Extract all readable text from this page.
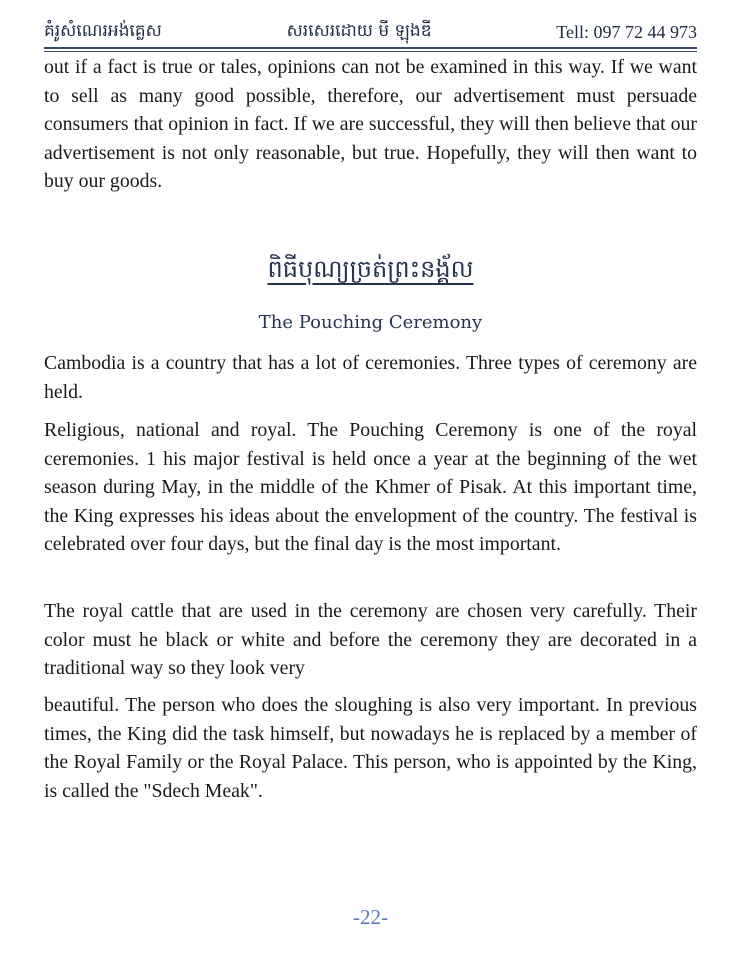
គំរូសំណេរអង់គ្លេស	សរសេរដោយ មី ឡុងឌី	Tell: 097 72 44 973

out if a fact is true or tales, opinions can not be examined in this way. If we want to sell as many good possible, therefore, our advertisement must persuade consumers that opinion in fact. If we are successful, they will then believe that our advertisement is not only reasonable, but true. Hopefully, they will then want to buy our goods.

ពិធីបុណ្យច្រត់ព្រះនង្គ័ល
The Pouching Ceremony

Cambodia is a country that has a lot of ceremonies. Three types of ceremony are held.

Religious, national and royal. The Pouching Ceremony is one of the royal ceremonies. 1 his major festival is held once a year at the beginning of the wet season during May, in the middle of the Khmer of Pisak. At this important time, the King expresses his ideas about the envelopment of the country. The festival is celebrated over four days, but the final day is the most important.

The royal cattle that are used in the ceremony are chosen very carefully. Their color must he black or white and before the ceremony they are decorated in a traditional way so they look very

beautiful. The person who does the sloughing is also very important. In previous times, the King did the task himself, but nowadays he is replaced by a member of the Royal Family or the Royal Palace. This person, who is appointed by the King, is called the "Sdech Meak".

-22-
